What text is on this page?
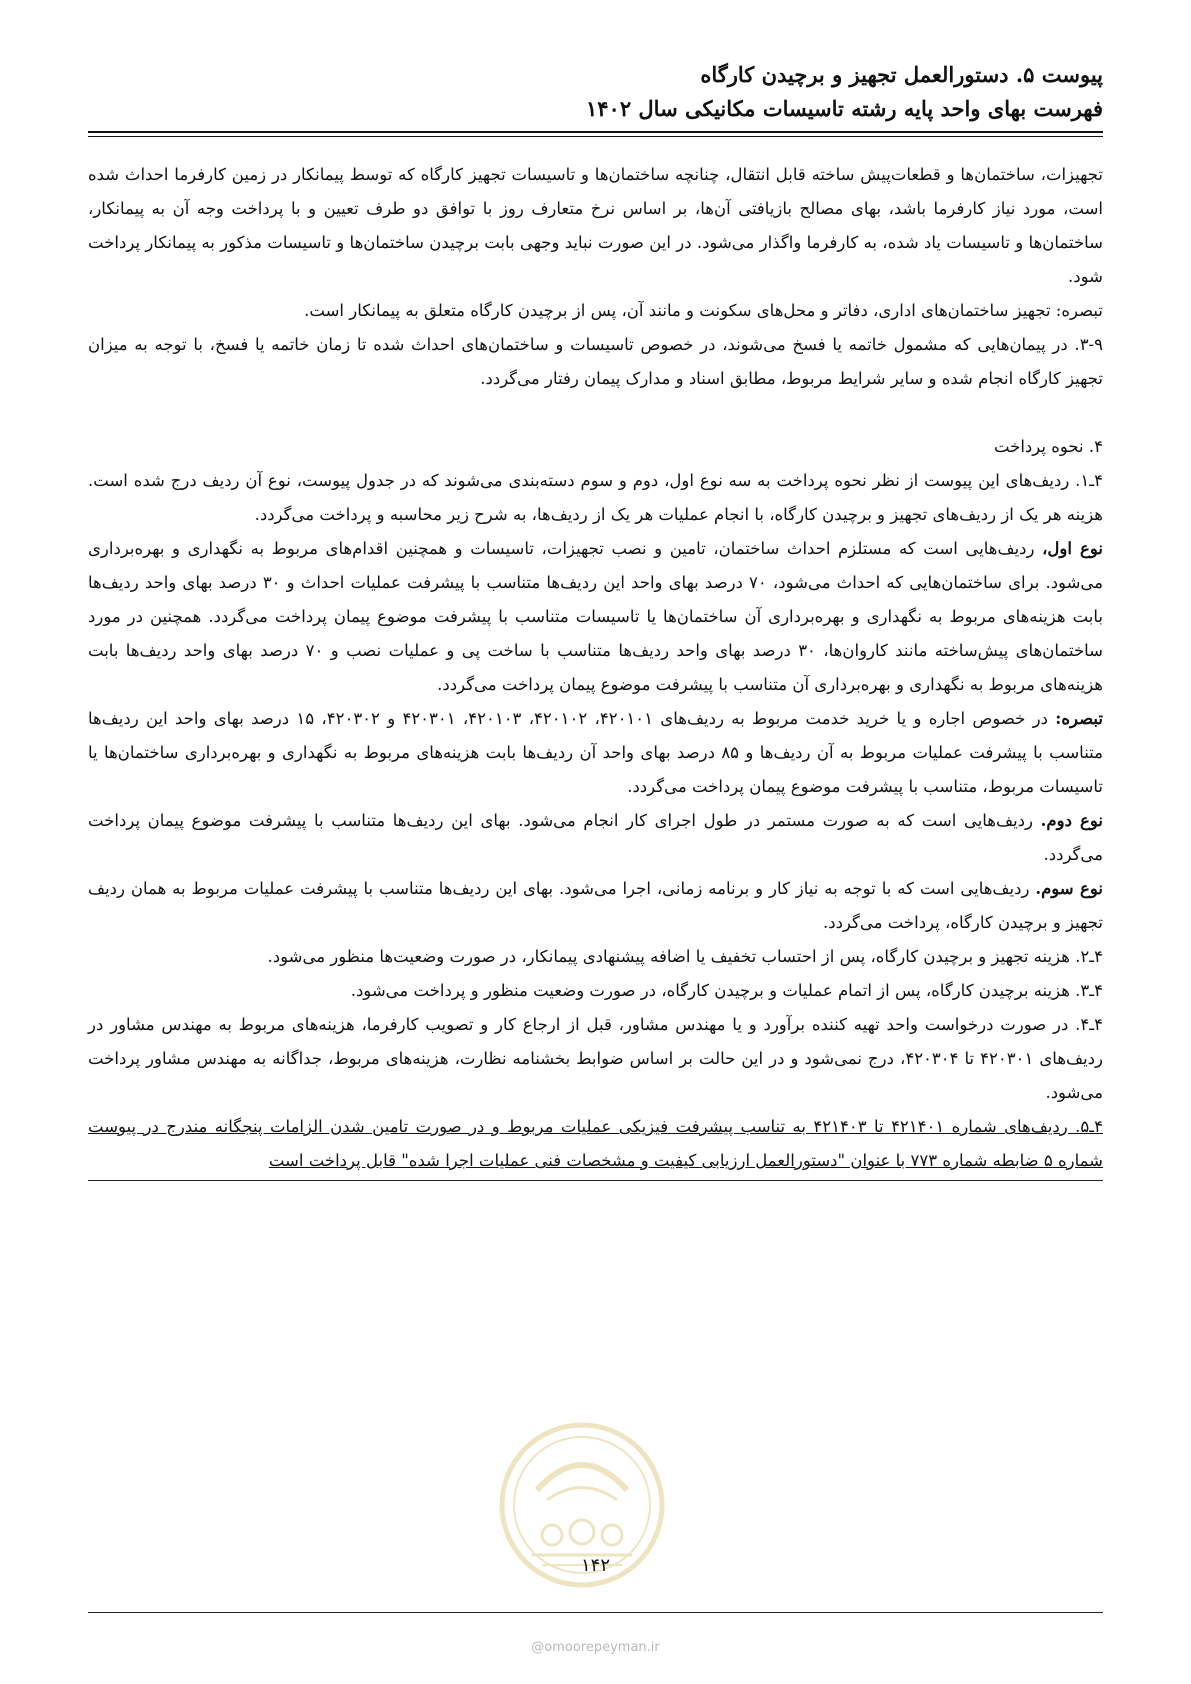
پیوست ۵. دستورالعمل تجهیز و برچیدن کارگاه

فهرست بهای واحد پایه رشته تاسیسات مکانیکی سال ۱۴۰۲

تجهیزات، ساختمان‌ها و قطعات‌پیش ساخته قابل انتقال، چنانچه ساختمان‌ها و تاسیسات تجهیز کارگاه که توسط پیمانکار در زمین کارفرما احداث شده است، مورد نیاز کارفرما باشد، بهای مصالح بازیافتی آن‌ها، بر اساس نرخ متعارف روز با توافق دو طرف تعیین و با پرداخت وجه آن به پیمانکار، ساختمان‌ها و تاسیسات یاد شده، به کارفرما واگذار می‌شود. در این صورت نباید وجهی بابت برچیدن ساختمان‌ها و تاسیسات مذکور به پیمانکار پرداخت شود.

تبصره: تجهیز ساختمان‌های اداری، دفاتر و محل‌های سکونت و مانند آن، پس از برچیدن کارگاه متعلق به پیمانکار است.

۳-۹. در پیمان‌هایی که مشمول خاتمه یا فسخ می‌شوند، در خصوص تاسیسات و ساختمان‌های احداث شده تا زمان خاتمه یا فسخ، با توجه به میزان تجهیز کارگاه انجام شده و سایر شرایط مربوط، مطابق اسناد و مدارک پیمان رفتار می‌گردد.

۴. نحوه پرداخت

۴ـ۱. ردیف‌های این پیوست از نظر نحوه پرداخت به سه نوع اول، دوم و سوم دسته‌بندی می‌شوند که در جدول پیوست، نوع آن ردیف درج شده است. هزینه هر یک از ردیف‌های تجهیز و برچیدن کارگاه، با انجام عملیات هر یک از ردیف‌ها، به شرح زیر محاسبه و پرداخت می‌گردد.

نوع اول، ردیف‌هایی است که مستلزم احداث ساختمان، تامین و نصب تجهیزات، تاسیسات و همچنین اقدام‌های مربوط به نگهداری و بهره‌برداری می‌شود. برای ساختمان‌هایی که احداث می‌شود، ۷۰ درصد بهای واحد این ردیف‌ها متناسب با پیشرفت عملیات احداث و ۳۰ درصد بهای واحد ردیف‌ها بابت هزینه‌های مربوط به نگهداری و بهره‌برداری آن ساختمان‌ها یا تاسیسات متناسب با پیشرفت موضوع پیمان پرداخت می‌گردد. همچنین در مورد ساختمان‌های پیش‌ساخته مانند کاروان‌ها، ۳۰ درصد بهای واحد ردیف‌ها متناسب با ساخت پی و عملیات نصب و ۷۰ درصد بهای واحد ردیف‌ها بابت هزینه‌های مربوط به نگهداری و بهره‌برداری آن متناسب با پیشرفت موضوع پیمان پرداخت می‌گردد.

تبصره: در خصوص اجاره و یا خرید خدمت مربوط به ردیف‌های ۴۲۰۱۰۱، ۴۲۰۱۰۲، ۴۲۰۱۰۳، ۴۲۰۳۰۱ و ۴۲۰۳۰۲، ۱۵ درصد بهای واحد این ردیف‌ها متناسب با پیشرفت عملیات مربوط به آن ردیف‌ها و ۸۵ درصد بهای واحد آن ردیف‌ها بابت هزینه‌های مربوط به نگهداری و بهره‌برداری ساختمان‌ها یا تاسیسات مربوط، متناسب با پیشرفت موضوع پیمان پرداخت می‌گردد.

نوع دوم. ردیف‌هایی است که به صورت مستمر در طول اجرای کار انجام می‌شود. بهای این ردیف‌ها متناسب با پیشرفت موضوع پیمان پرداخت می‌گردد.

نوع سوم. ردیف‌هایی است که با توجه به نیاز کار و برنامه زمانی، اجرا می‌شود. بهای این ردیف‌ها متناسب با پیشرفت عملیات مربوط به همان ردیف تجهیز و برچیدن کارگاه، پرداخت می‌گردد.

۴ـ۲. هزینه تجهیز و برچیدن کارگاه، پس از احتساب تخفیف یا اضافه پیشنهادی پیمانکار، در صورت وضعیت‌ها منظور می‌شود.

۴ـ۳. هزینه برچیدن کارگاه، پس از اتمام عملیات و برچیدن کارگاه، در صورت وضعیت منظور و پرداخت می‌شود.

۴ـ۴. در صورت درخواست واحد تهیه کننده برآورد و یا مهندس مشاور، قبل از ارجاع کار و تصویب کارفرما، هزینه‌های مربوط به مهندس مشاور در ردیف‌های ۴۲۰۳۰۱ تا ۴۲۰۳۰۴، درج نمی‌شود و در این حالت بر اساس ضوابط بخشنامه نظارت، هزینه‌های مربوط، جداگانه به مهندس مشاور پرداخت می‌شود.

۴ـ۵. ردیف‌های شماره ۴۲۱۴۰۱ تا ۴۲۱۴۰۳ به تناسب پیشرفت فیزیکی عملیات مربوط و در صورت تامین شدن الزامات پنجگانه مندرج در پیوست شماره ۵ ضابطه شماره ۷۷۳ با عنوان "دستورالعمل ارزیابی کیفیت و مشخصات فنی عملیات اجرا شده" قابل پرداخت است

۱۴۲
@omoorepeyman.ir
